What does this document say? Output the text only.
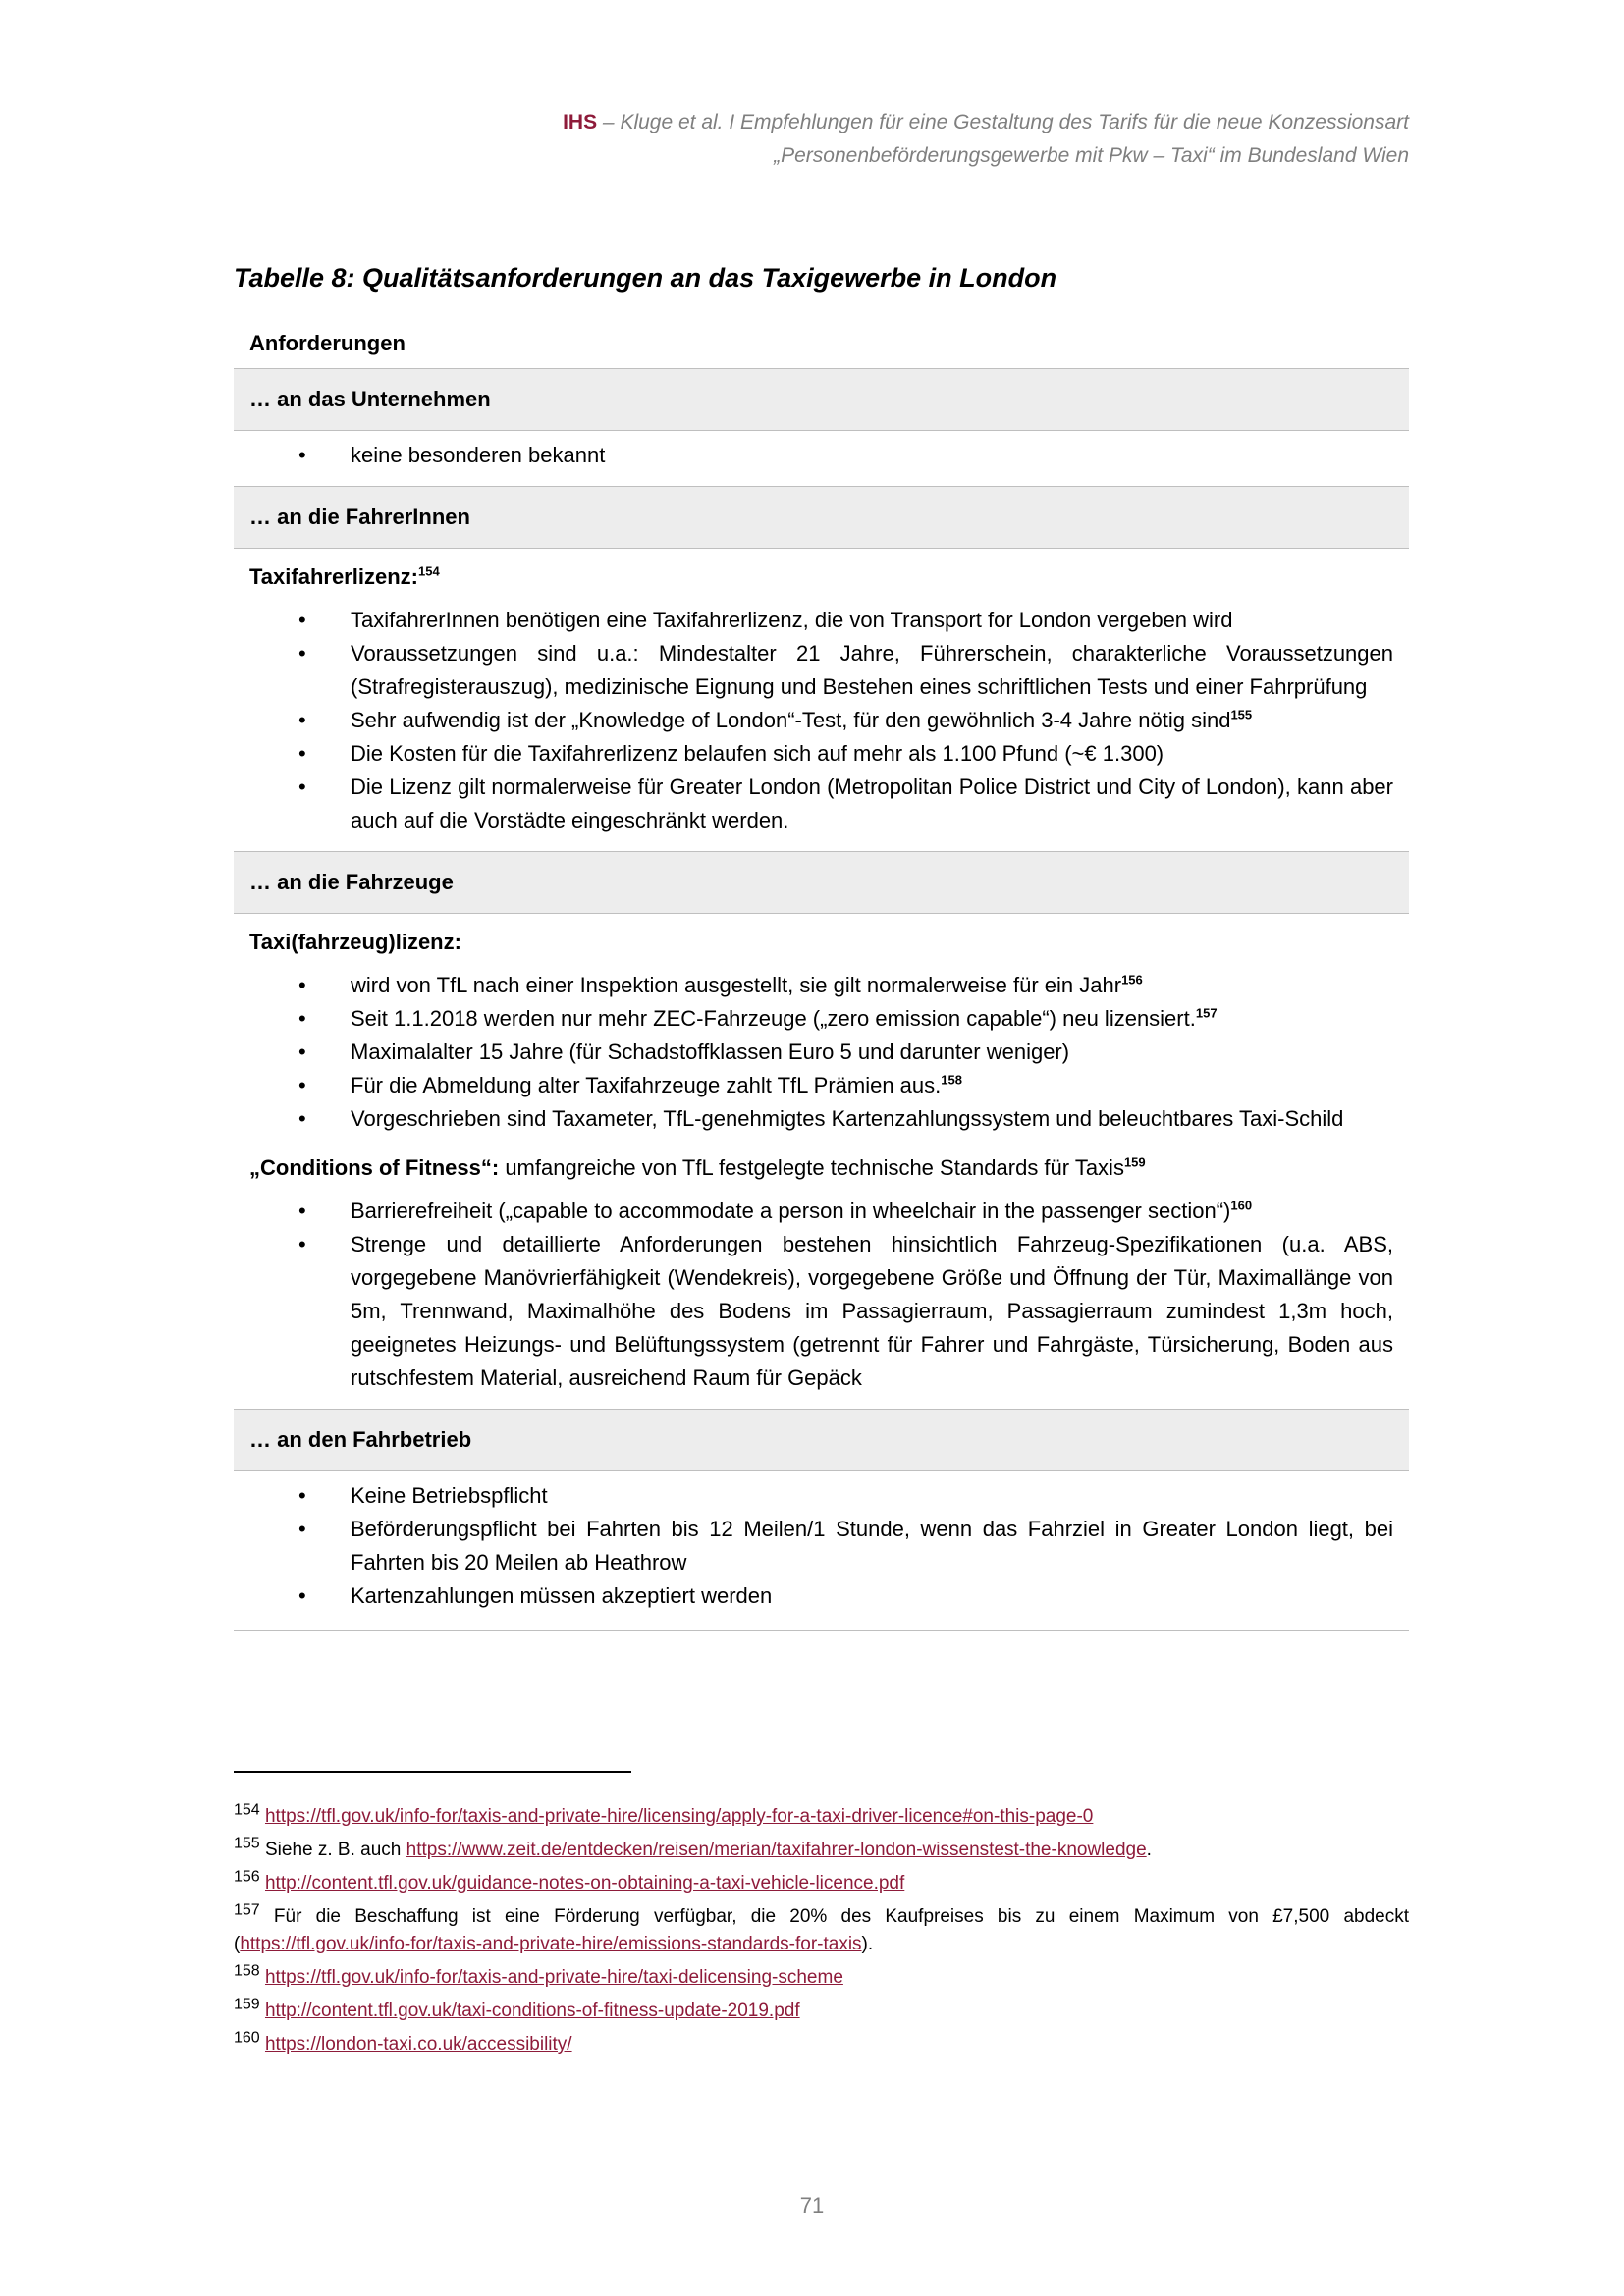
IHS – Kluge et al. I Empfehlungen für eine Gestaltung des Tarifs für die neue Konzessionsart
„Personenbeförderungsgewerbe mit Pkw – Taxi“ im Bundesland Wien
Tabelle 8: Qualitätsanforderungen an das Taxigewerbe in London
Anforderungen
… an das Unternehmen
• keine besonderen bekannt
… an die FahrerInnen
Taxifahrerlizenz:$^{154}$
• TaxifahrerInnen benötigen eine Taxifahrerlizenz, die von Transport for London vergeben wird
• Voraussetzungen sind u.a.: Mindestalter 21 Jahre, Führerschein, charakterliche Voraussetzungen (Strafregisterauszug), medizinische Eignung und Bestehen eines schriftlichen Tests und einer Fahrprüfung
• Sehr aufwendig ist der „Knowledge of London“-Test, für den gewöhnlich 3-4 Jahre nötig sind$^{155}$
• Die Kosten für die Taxifahrerlizenz belaufen sich auf mehr als 1.100 Pfund (~€ 1.300)
• Die Lizenz gilt normalerweise für Greater London (Metropolitan Police District und City of London), kann aber auch auf die Vorstädte eingeschränkt werden.
… an die Fahrzeuge
Taxi(fahrzeug)lizenz:
• wird von TfL nach einer Inspektion ausgestellt, sie gilt normalerweise für ein Jahr$^{156}$
• Seit 1.1.2018 werden nur mehr ZEC-Fahrzeuge („zero emission capable“) neu lizensiert.$^{157}$
• Maximalalter 15 Jahre (für Schadstoffklassen Euro 5 und darunter weniger)
• Für die Abmeldung alter Taxifahrzeuge zahlt TfL Prämien aus.$^{158}$
• Vorgeschrieben sind Taxameter, TfL-genehmigtes Kartenzahlungssystem und beleuchtbares Taxi-Schild
„Conditions of Fitness“: umfangreiche von TfL festgelegte technische Standards für Taxis$^{159}$
• Barrierefreiheit („capable to accommodate a person in wheelchair in the passenger section“)$^{160}$
• Strenge und detaillierte Anforderungen bestehen hinsichtlich Fahrzeug-Spezifikationen (u.a. ABS, vorgegebene Manövrierfähigkeit (Wendekreis), vorgegebene Größe und Öffnung der Tür, Maximallänge von 5m, Trennwand, Maximalhöhe des Bodens im Passagierraum, Passagierraum zumindest 1,3m hoch, geeignetes Heizungs- und Belüftungssystem (getrennt für Fahrer und Fahrgäste, Türsicherung, Boden aus rutschfestem Material, ausreichend Raum für Gepäck
… an den Fahrbetrieb
• Keine Betriebspflicht
• Beförderungspflicht bei Fahrten bis 12 Meilen/1 Stunde, wenn das Fahrziel in Greater London liegt, bei Fahrten bis 20 Meilen ab Heathrow
• Kartenzahlungen müssen akzeptiert werden
$^{154}$ https://tfl.gov.uk/info-for/taxis-and-private-hire/licensing/apply-for-a-taxi-driver-licence#on-this-page-0
$^{155}$ Siehe z. B. auch https://www.zeit.de/entdecken/reisen/merian/taxifahrer-london-wissenstest-the-knowledge.
$^{156}$ http://content.tfl.gov.uk/guidance-notes-on-obtaining-a-taxi-vehicle-licence.pdf
$^{157}$ Für die Beschaffung ist eine Förderung verfügbar, die 20% des Kaufpreises bis zu einem Maximum von £7,500 abdeckt (https://tfl.gov.uk/info-for/taxis-and-private-hire/emissions-standards-for-taxis).
$^{158}$ https://tfl.gov.uk/info-for/taxis-and-private-hire/taxi-delicensing-scheme
$^{159}$ http://content.tfl.gov.uk/taxi-conditions-of-fitness-update-2019.pdf
$^{160}$ https://london-taxi.co.uk/accessibility/
71
